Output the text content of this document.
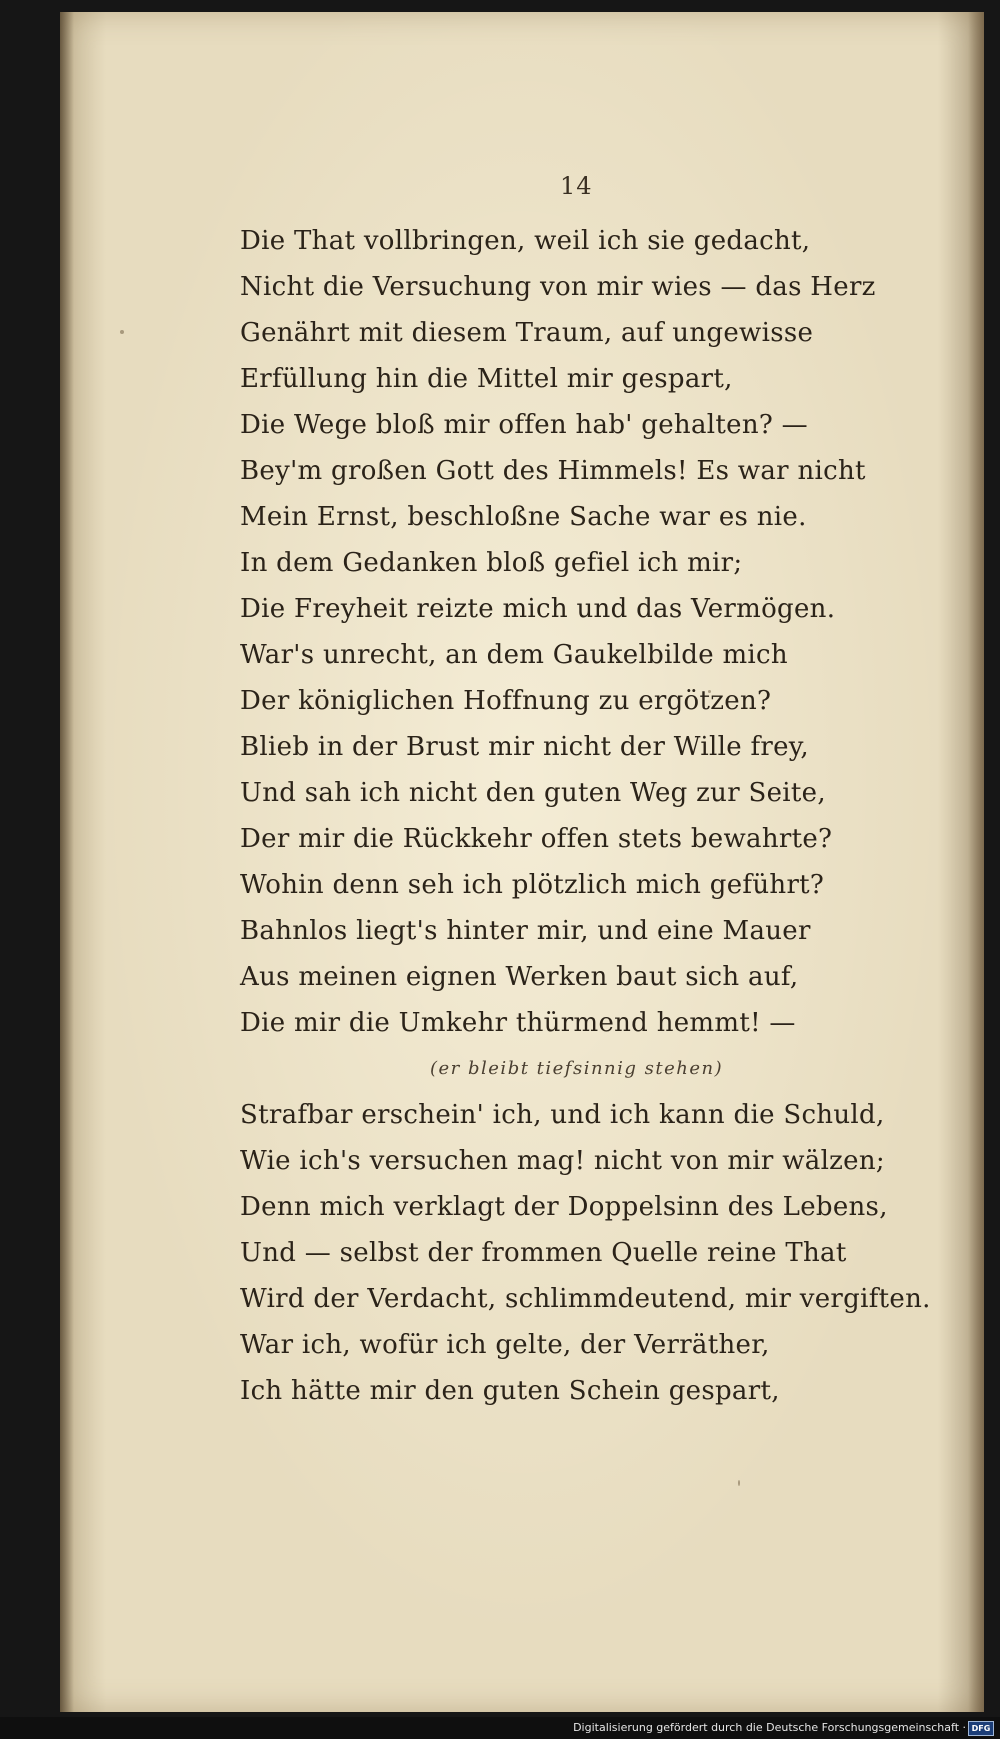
14
Die That vollbringen, weil ich sie gedacht,
Nicht die Versuchung von mir wies — das Herz
Genährt mit diesem Traum, auf ungewisse
Erfüllung hin die Mittel mir gespart,
Die Wege bloß mir offen hab' gehalten? —
Bey'm großen Gott des Himmels! Es war nicht
Mein Ernst, beschloßne Sache war es nie.
In dem Gedanken bloß gefiel ich mir;
Die Freyheit reizte mich und das Vermögen.
War's unrecht, an dem Gaukelbilde mich
Der königlichen Hoffnung zu ergötzen?
Blieb in der Brust mir nicht der Wille frey,
Und sah ich nicht den guten Weg zur Seite,
Der mir die Rückkehr offen stets bewahrte?
Wohin denn seh ich plötzlich mich geführt?
Bahnlos liegt's hinter mir, und eine Mauer
Aus meinen eignen Werken baut sich auf,
Die mir die Umkehr thürmend hemmt! —
(er bleibt tiefsinnig stehen)
Strafbar erschein' ich, und ich kann die Schuld,
Wie ich's versuchen mag! nicht von mir wälzen;
Denn mich verklagt der Doppelsinn des Lebens,
Und — selbst der frommen Quelle reine That
Wird der Verdacht, schlimmdeutend, mir vergiften.
War ich, wofür ich gelte, der Verräther,
Ich hätte mir den guten Schein gespart,
Digitalisierung gefördert durch die Deutsche Forschungsgemeinschaft · DFG
